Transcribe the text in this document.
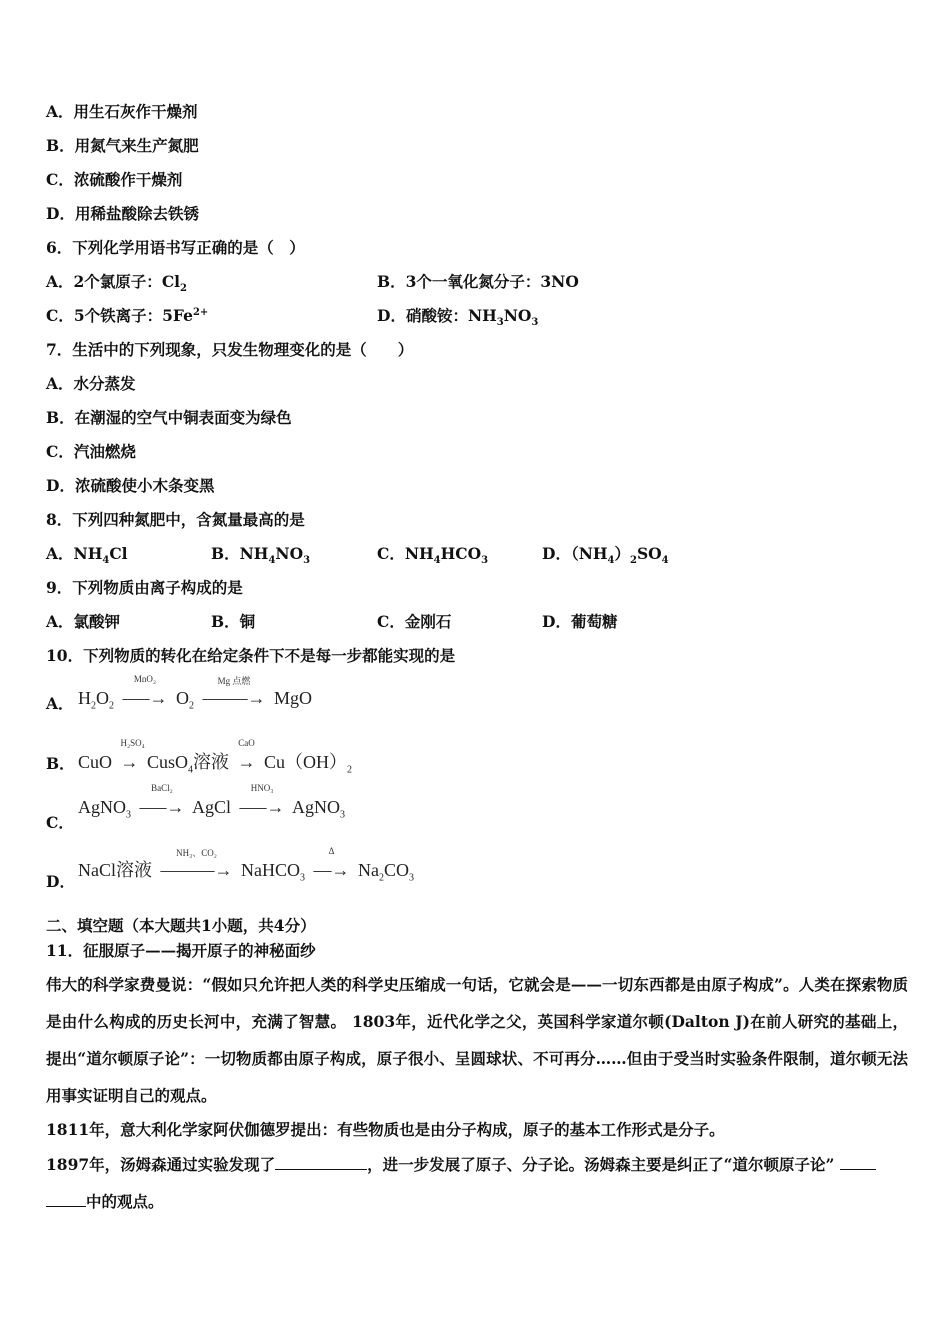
A．用生石灰作干燥剂
B．用氮气来生产氮肥
C．浓硫酸作干燥剂
D．用稀盐酸除去铁锈
6．下列化学用语书写正确的是（　）
A．2个氯原子：$Cl_2$	B．3个一氧化氮分子：3NO
C．5个铁离子：$5Fe^{2+}$	D．硝酸铵：$NH_3NO_3$
7．生活中的下列现象，只发生物理变化的是（　　）
A．水分蒸发
B．在潮湿的空气中铜表面变为绿色
C．汽油燃烧
D．浓硫酸使小木条变黑
8．下列四种氮肥中，含氮量最高的是
A．$NH_4Cl$	B．$NH_4NO_3$	C．$NH_4HCO_3$	D．$(NH_4)_2SO_4$
9．下列物质由离子构成的是
A．氯酸钾	B．铜	C．金刚石	D．葡萄糖
10．下列物质的转化在给定条件下不是每一步都能实现的是
A． $H_2O_2$
MnO₂
–––→ $O_2$
Mg 点燃
–––––→ MgO
B． CuO
H₂SO₄
→ CusO$_4$溶液
CaO
→ $Cu(OH)_2$
C．
AgNO$_3$
BaCl₂
–––→ AgCl
HNO₃
–––→ AgNO$_3$
D．
NaCl溶液
NH₃、CO₂
––––––→ NaHCO$_3$
Δ
––→ $Na_2CO_3$
二、填空题（本大题共1小题，共4分）
11．征服原子——揭开原子的神秘面纱
伟大的科学家费曼说：“假如只允许把人类的科学史压缩成一句话，它就会是——一切东西都是由原子构成”。人类在探索物质是由什么构成的历史长河中，充满了智慧。 1803年，近代化学之父，英国科学家道尔顿(Dalton J)在前人研究的基础上，提出“道尔顿原子论”：一切物质都由原子构成，原子很小、呈圆球状、不可再分……但由于受当时实验条件限制，道尔顿无法用事实证明自己的观点。
1811年，意大利化学家阿伏伽德罗提出：有些物质也是由分子构成，原子的基本工作形式是分子。
1897年，汤姆森通过实验发现了	，进一步发展了原子、分子论。汤姆森主要是纠正了“道尔顿原子论”
中的观点。
